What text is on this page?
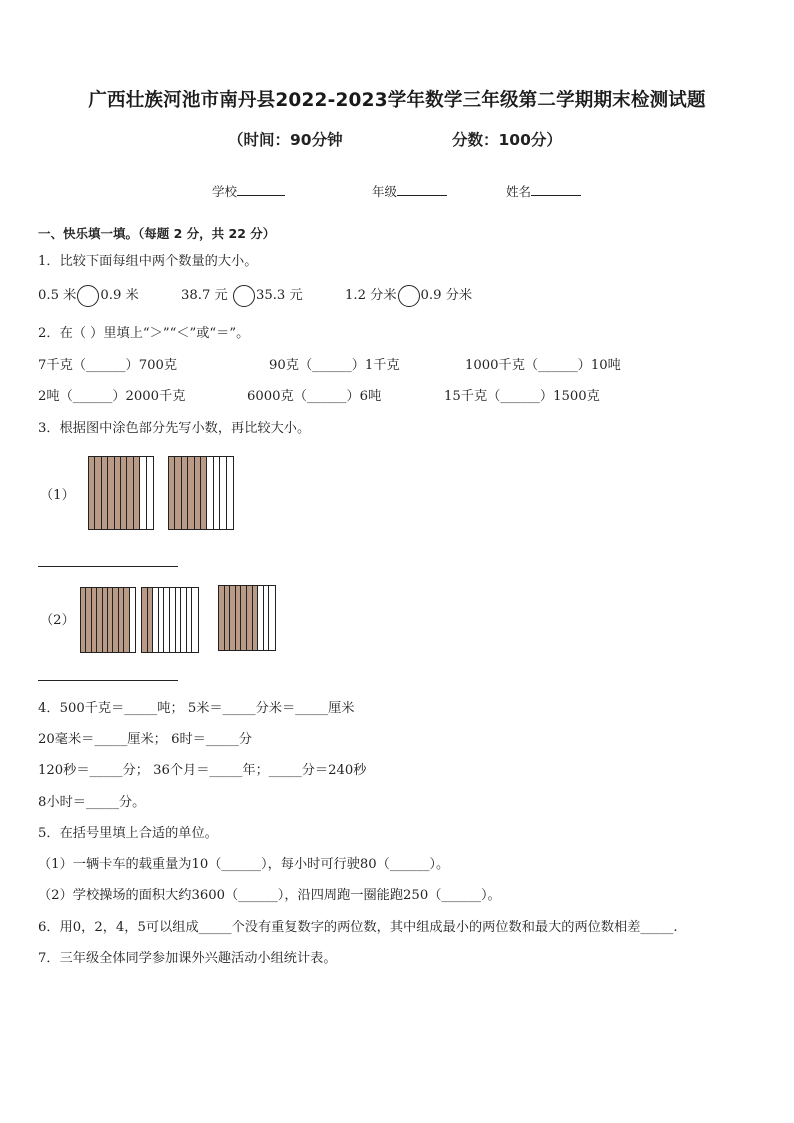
广西壮族河池市南丹县2022-2023学年数学三年级第二学期期末检测试题
（时间：90分钟	分数：100分）
学校	年级	姓名
一、快乐填一填。（每题 2 分，共 22 分）
1．比较下面每组中两个数量的大小。
0.5 米 0.9 米	38.7 元 35.3 元	1.2 分米 0.9 分米
2．在（ ）里填上“＞”“＜”或“＝”。
7千克（______）700克	90克（______）1千克	1000千克（______）10吨
2吨（______）2000千克	6000克（______）6吨	15千克（______）1500克
3．根据图中涂色部分先写小数，再比较大小。
（1）
（2）
4．500千克＝_____吨； 5米＝_____分米＝_____厘米
20毫米＝_____厘米； 6时＝_____分
120秒＝_____分； 36个月＝_____年；_____分＝240秒
8小时＝_____分。
5．在括号里填上合适的单位。
（1）一辆卡车的载重量为10（______），每小时可行驶80（______）。
（2）学校操场的面积大约3600（______），沿四周跑一圈能跑250（______）。
6．用0，2，4，5可以组成_____个没有重复数字的两位数，其中组成最小的两位数和最大的两位数相差_____.
7．三年级全体同学参加课外兴趣活动小组统计表。
